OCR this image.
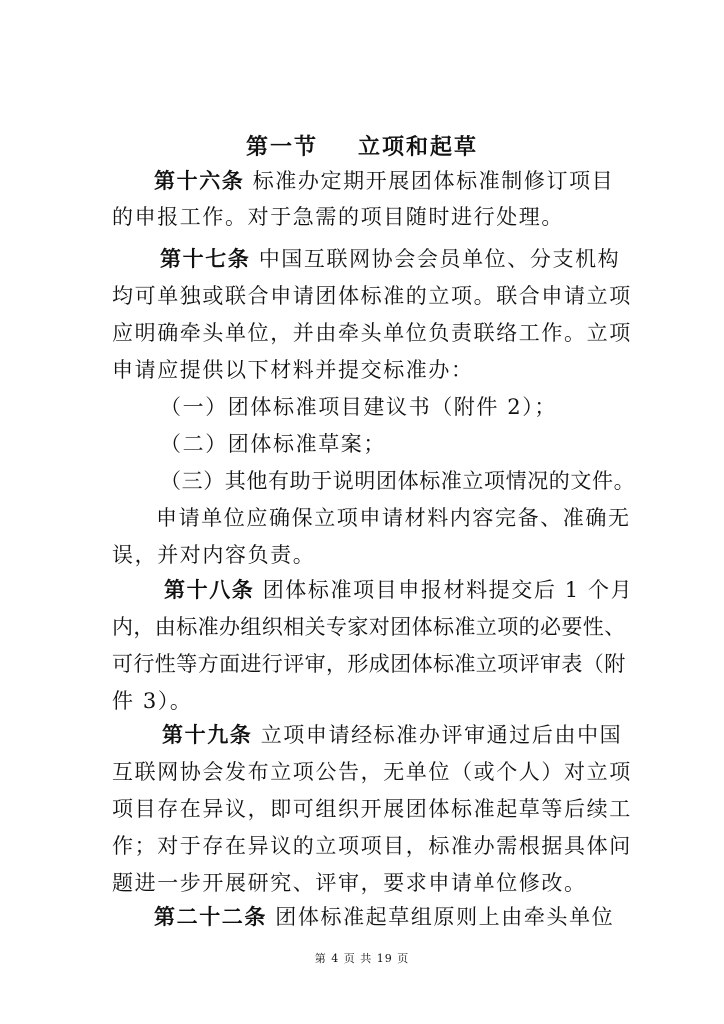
第一节 立项和起草
第十六条 标准办定期开展团体标准制修订项目
的申报工作。对于急需的项目随时进行处理。
第十七条 中国互联网协会会员单位、分支机构
均可单独或联合申请团体标准的立项。联合申请立项
应明确牵头单位，并由牵头单位负责联络工作。立项
申请应提供以下材料并提交标准办：
（一）团体标准项目建议书（附件 2）；
（二）团体标准草案；
（三）其他有助于说明团体标准立项情况的文件。
申请单位应确保立项申请材料内容完备、准确无
误，并对内容负责。
第十八条 团体标准项目申报材料提交后 1 个月
内，由标准办组织相关专家对团体标准立项的必要性、
可行性等方面进行评审，形成团体标准立项评审表（附
件 3）。
第十九条 立项申请经标准办评审通过后由中国
互联网协会发布立项公告，无单位（或个人）对立项
项目存在异议，即可组织开展团体标准起草等后续工
作；对于存在异议的立项项目，标准办需根据具体问
题进一步开展研究、评审，要求申请单位修改。
第二十二条 团体标准起草组原则上由牵头单位
第 4 页 共 19 页
